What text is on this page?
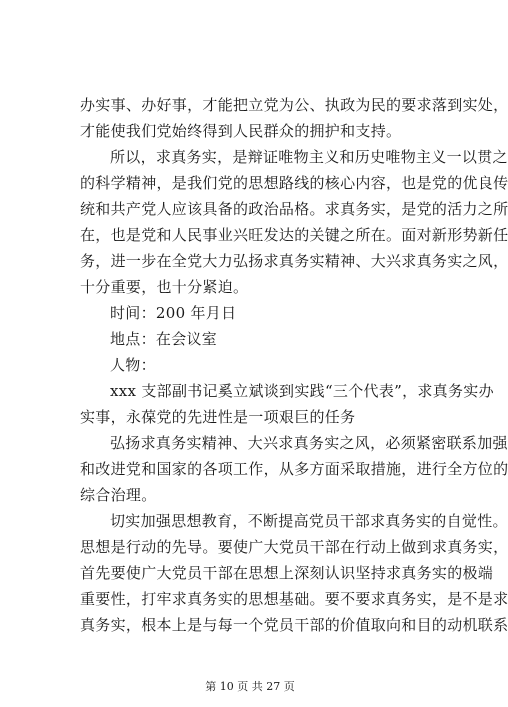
办实事、办好事，才能把立党为公、执政为民的要求落到实处，
才能使我们党始终得到人民群众的拥护和支持。
所以，求真务实，是辩证唯物主义和历史唯物主义一以贯之
的科学精神，是我们党的思想路线的核心内容，也是党的优良传
统和共产党人应该具备的政治品格。求真务实，是党的活力之所
在，也是党和人民事业兴旺发达的关键之所在。面对新形势新任
务，进一步在全党大力弘扬求真务实精神、大兴求真务实之风，
十分重要，也十分紧迫。
时间：200 年月日
地点：在会议室
人物：
xxx 支部副书记奚立斌谈到实践“三个代表”，求真务实办
实事，永葆党的先进性是一项艰巨的任务
弘扬求真务实精神、大兴求真务实之风，必须紧密联系加强
和改进党和国家的各项工作，从多方面采取措施，进行全方位的
综合治理。
切实加强思想教育，不断提高党员干部求真务实的自觉性。
思想是行动的先导。要使广大党员干部在行动上做到求真务实，
首先要使广大党员干部在思想上深刻认识坚持求真务实的极端
重要性，打牢求真务实的思想基础。要不要求真务实，是不是求
真务实，根本上是与每一个党员干部的价值取向和目的动机联系
第 10 页 共 27 页
